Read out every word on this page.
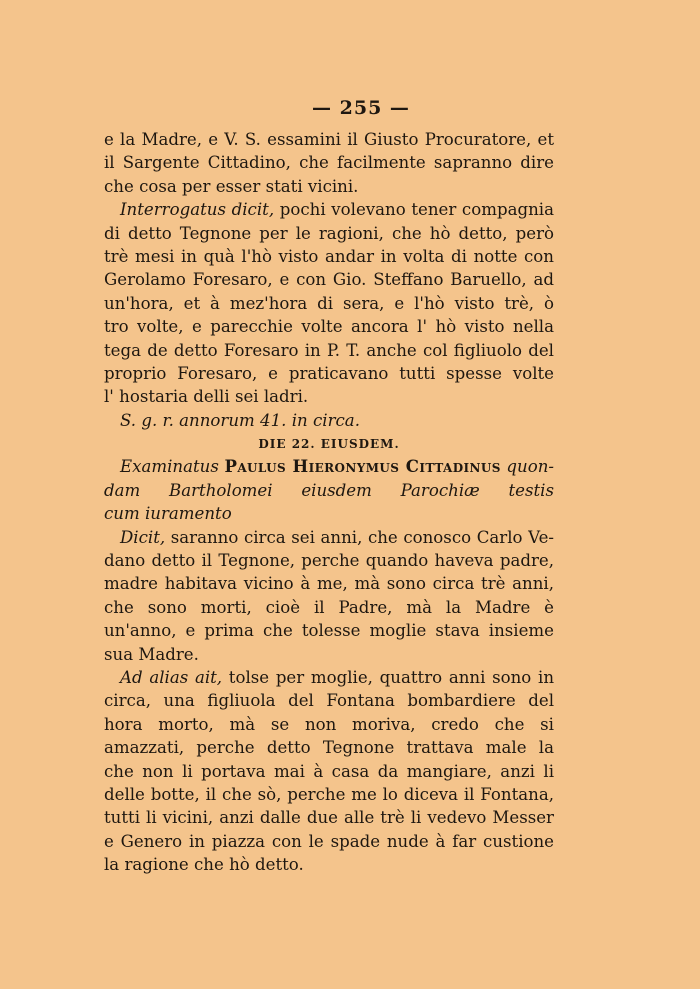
— 255 —
e la Madre, e V. S. essamini il Giusto Procuratore, et
il Sargente Cittadino, che facilmente sapranno dire
che cosa per esser stati vicini.
Interrogatus dicit, pochi volevano tener compagnia
di detto Tegnone per le ragioni, che hò detto, però
trè mesi in quà l'hò visto andar in volta di notte con
Gerolamo Foresaro, e con Gio. Steffano Baruello, ad
un'hora, et à mez'hora di sera, e l'hò visto trè, ò
tro volte, e parecchie volte ancora l' hò visto nella
tega de detto Foresaro in P. T. anche col figliuolo del
proprio Foresaro, e praticavano tutti spesse volte
l' hostaria delli sei ladri.
S. g. r. annorum 41. in circa.
DIE 22. EIUSDEM.
Examinatus Paulus Hieronymus Cittadinus quon-
dam Bartholomei eiusdem Parochiæ testis
cum iuramento
Dicit, saranno circa sei anni, che conosco Carlo Ve-
dano detto il Tegnone, perche quando haveva padre,
madre habitava vicino à me, mà sono circa trè anni,
che sono morti, cioè il Padre, mà la Madre è
un'anno, e prima che tolesse moglie stava insieme
sua Madre.
Ad alias ait, tolse per moglie, quattro anni sono in
circa, una figliuola del Fontana bombardiere del
hora morto, mà se non moriva, credo che si
amazzati, perche detto Tegnone trattava male la
che non li portava mai à casa da mangiare, anzi li
delle botte, il che sò, perche me lo diceva il Fontana,
tutti li vicini, anzi dalle due alle trè li vedevo Messer
e Genero in piazza con le spade nude à far custione
la ragione che hò detto.
